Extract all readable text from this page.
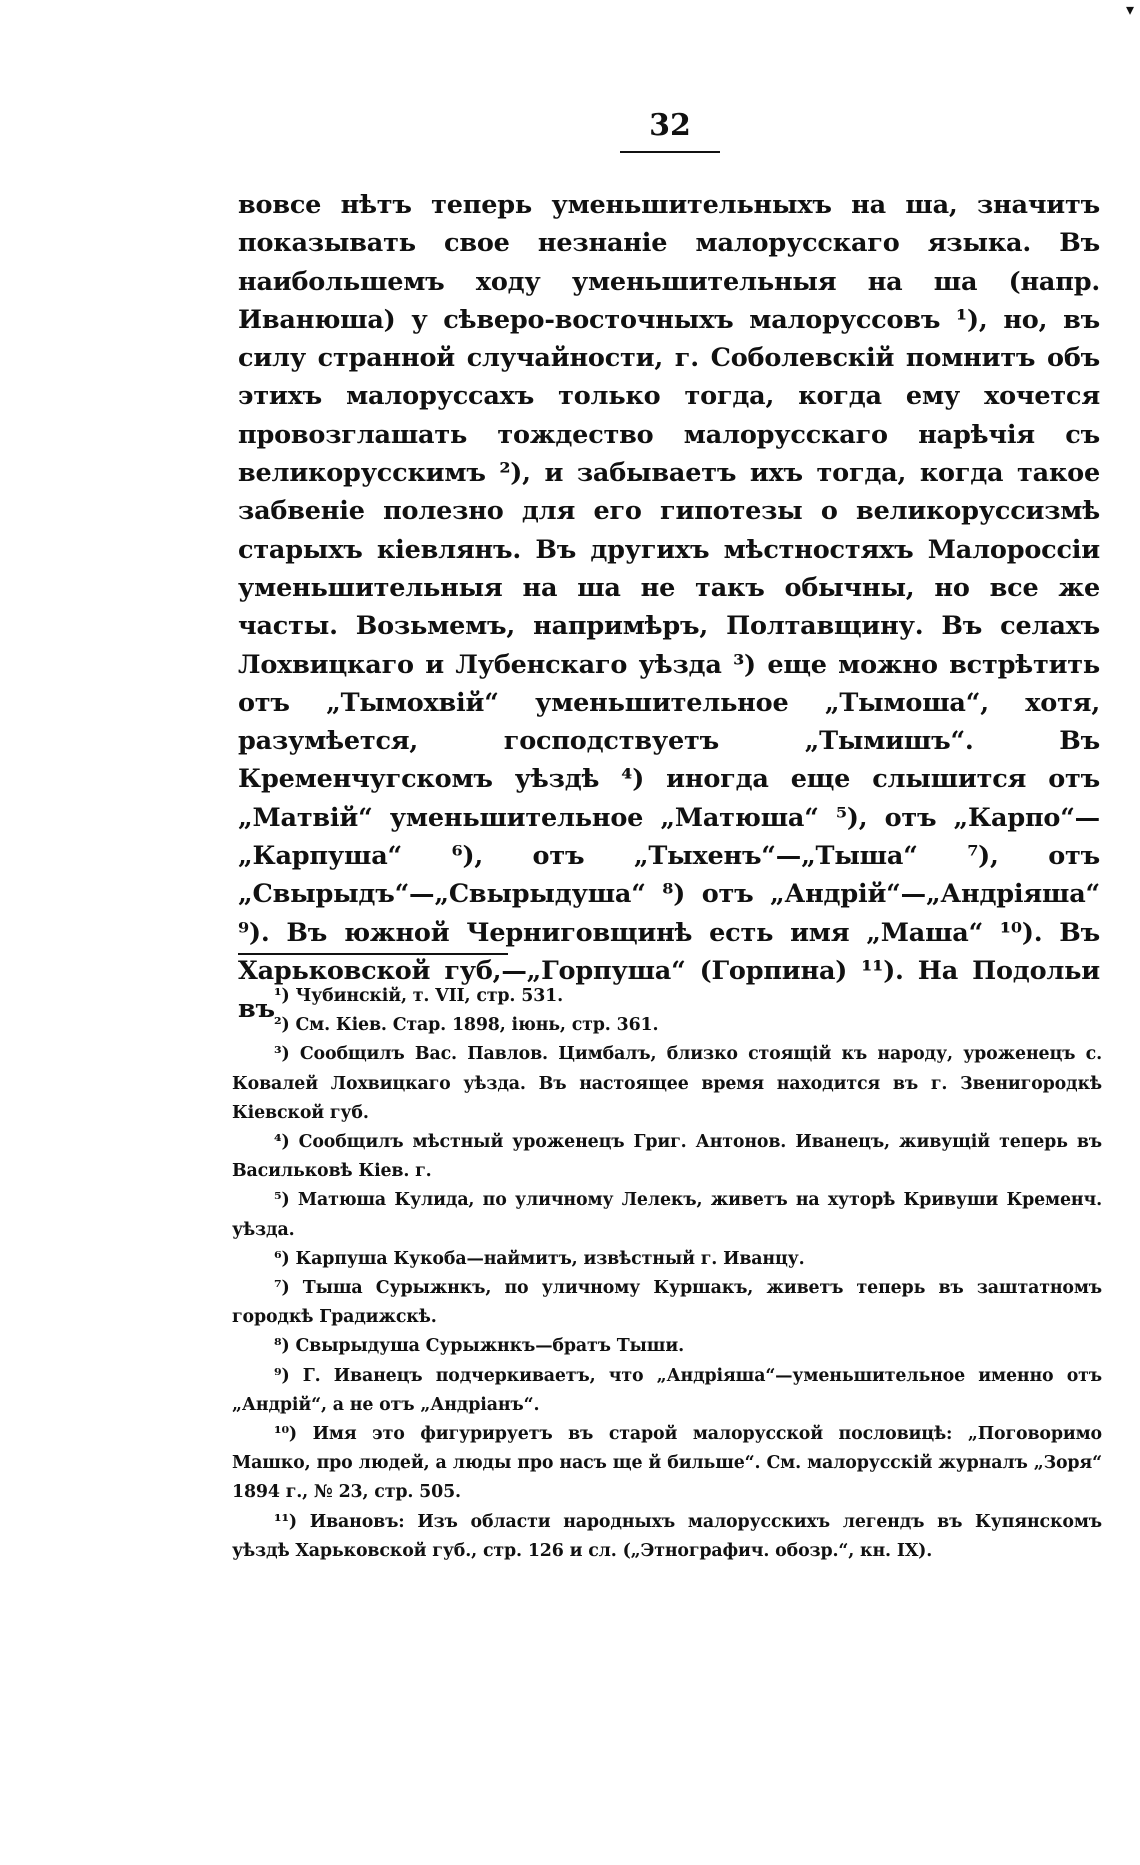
▾
32

вовсе нѣтъ теперь уменьшительныхъ на ша, значитъ показывать свое незнаніе малорусскаго языка. Въ наибольшемъ ходу уменьшительныя на ша (напр. Иванюша) у сѣверо-восточныхъ малоруссовъ ¹), но, въ силу странной случайности, г. Соболевскій помнитъ объ этихъ малоруссахъ только тогда, когда ему хочется провозглашать тождество малорусскаго нарѣчія съ великорусскимъ ²), и забываетъ ихъ тогда, когда такое забвеніе полезно для его гипотезы о великоруссизмѣ старыхъ кіевлянъ. Въ другихъ мѣстностяхъ Малороссіи уменьшительныя на ша не такъ обычны, но все же часты. Возьмемъ, напримѣръ, Полтавщину. Въ селахъ Лохвицкаго и Лубенскаго уѣзда ³) еще можно встрѣтить отъ „Тымохвій“ уменьшительное „Тымоша“, хотя, разумѣется, господствуетъ „Тымишъ“. Въ Кременчугскомъ уѣздѣ ⁴) иногда еще слышится отъ „Матвій“ уменьшительное „Матюша“ ⁵), отъ „Карпо“—„Карпуша“ ⁶), отъ „Тыхенъ“—„Тыша“ ⁷), отъ „Свырыдъ“—„Свырыдуша“ ⁸) отъ „Андрій“—„Андріяша“ ⁹). Въ южной Черниговщинѣ есть имя „Маша“ ¹⁰). Въ Харьковской губ,—„Горпуша“ (Горпина) ¹¹). На Подольи въ ¹) Чубинскій, т. VII, стр. 531.

²) См. Кіев. Стар. 1898, іюнь, стр. 361.

³) Сообщилъ Вас. Павлов. Цимбалъ, близко стоящій къ народу, уроженецъ с. Ковалей Лохвицкаго уѣзда. Въ настоящее время находится въ г. Звенигородкѣ Кіевской губ.

⁴) Сообщилъ мѣстный уроженецъ Григ. Антонов. Иванецъ, живущій теперь въ Васильковѣ Кіев. г.

⁵) Матюша Кулида, по уличному Лелекъ, живетъ на хуторѣ Кривуши Кременч. уѣзда.

⁶) Карпуша Кукоба—наймитъ, извѣстный г. Иванцу.

⁷) Тыша Сурыжнкъ, по уличному Куршакъ, живетъ теперь въ заштатномъ городкѣ Градижскѣ.

⁸) Свырыдуша Сурыжнкъ—братъ Тыши.

⁹) Г. Иванецъ подчеркиваетъ, что „Андріяша“—уменьшительное именно отъ „Андрій“, а не отъ „Андріанъ“.

¹⁰) Имя это фигурируетъ въ старой малорусской пословицѣ: „Поговоримо Машко, про людей, а люды про насъ ще й бильше“. См. малорусскій журналъ „Зоря“ 1894 г., № 23, стр. 505.

¹¹) Ивановъ: Изъ области народныхъ малорусскихъ легендъ въ Купянскомъ уѣздѣ Харьковской губ., стр. 126 и сл. („Этнографич. обозр.“, кн. IX).
